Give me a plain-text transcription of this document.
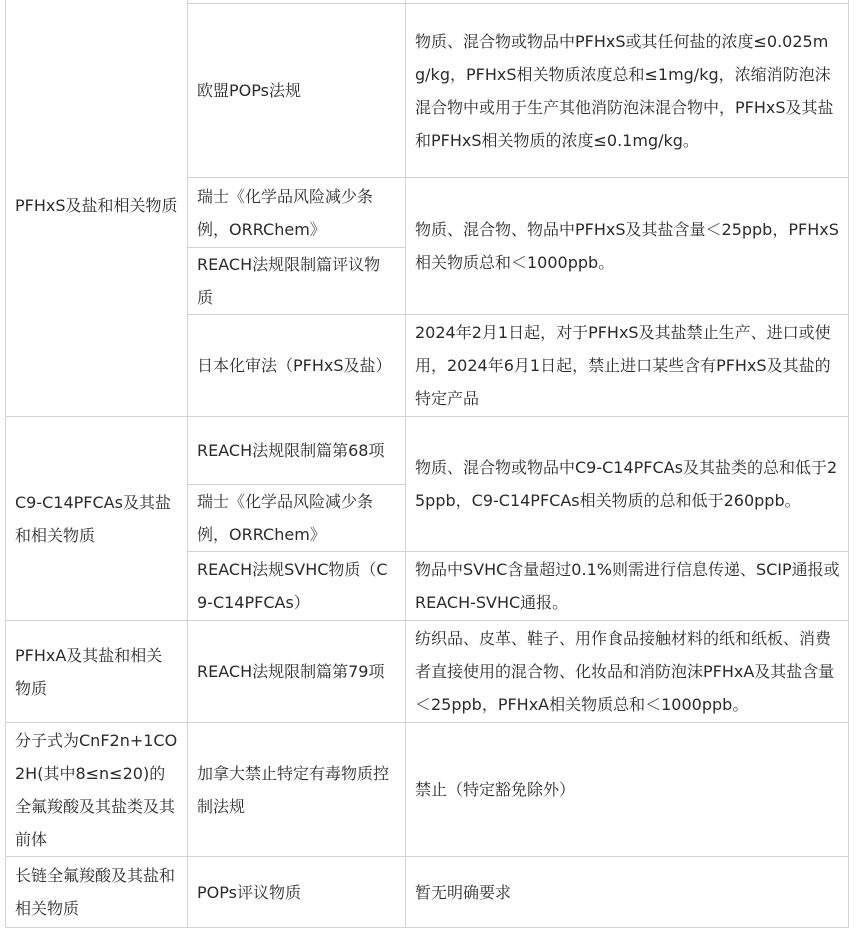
PFHxS及盐和相关物质		

	欧盟POPs法规	物质、混合物或物品中PFHxS或其任何盐的浓度≤0.025mg/kg，PFHxS相关物质浓度总和≤1mg/kg，浓缩消防泡沫混合物中或用于生产其他消防泡沫混合物中，PFHxS及其盐和PFHxS相关物质的浓度≤0.1mg/kg。

	瑞士《化学品风险减少条例，ORRChem》	物质、混合物、物品中PFHxS及其盐含量＜25ppb，PFHxS相关物质总和＜1000ppb。

	REACH法规限制篇评议物质	

	日本化审法（PFHxS及盐）	2024年2月1日起，对于PFHxS及其盐禁止生产、进口或使用，2024年6月1日起，禁止进口某些含有PFHxS及其盐的特定产品

C9-C14PFCAs及其盐和相关物质	REACH法规限制篇第68项	物质、混合物或物品中C9-C14PFCAs及其盐类的总和低于25ppb，C9-C14PFCAs相关物质的总和低于260ppb。

	瑞士《化学品风险减少条例，ORRChem》	

	REACH法规SVHC物质（C9-C14PFCAs）	物品中SVHC含量超过0.1%则需进行信息传递、SCIP通报或REACH-SVHC通报。

PFHxA及其盐和相关物质	REACH法规限制篇第79项	纺织品、皮革、鞋子、用作食品接触材料的纸和纸板、消费者直接使用的混合物、化妆品和消防泡沫PFHxA及其盐含量＜25ppb，PFHxA相关物质总和＜1000ppb。

分子式为CnF2n+1CO2H(其中8≤n≤20)的全氟羧酸及其盐类及其前体	加拿大禁止特定有毒物质控制法规	禁止（特定豁免除外）

长链全氟羧酸及其盐和相关物质	POPs评议物质	暂无明确要求
